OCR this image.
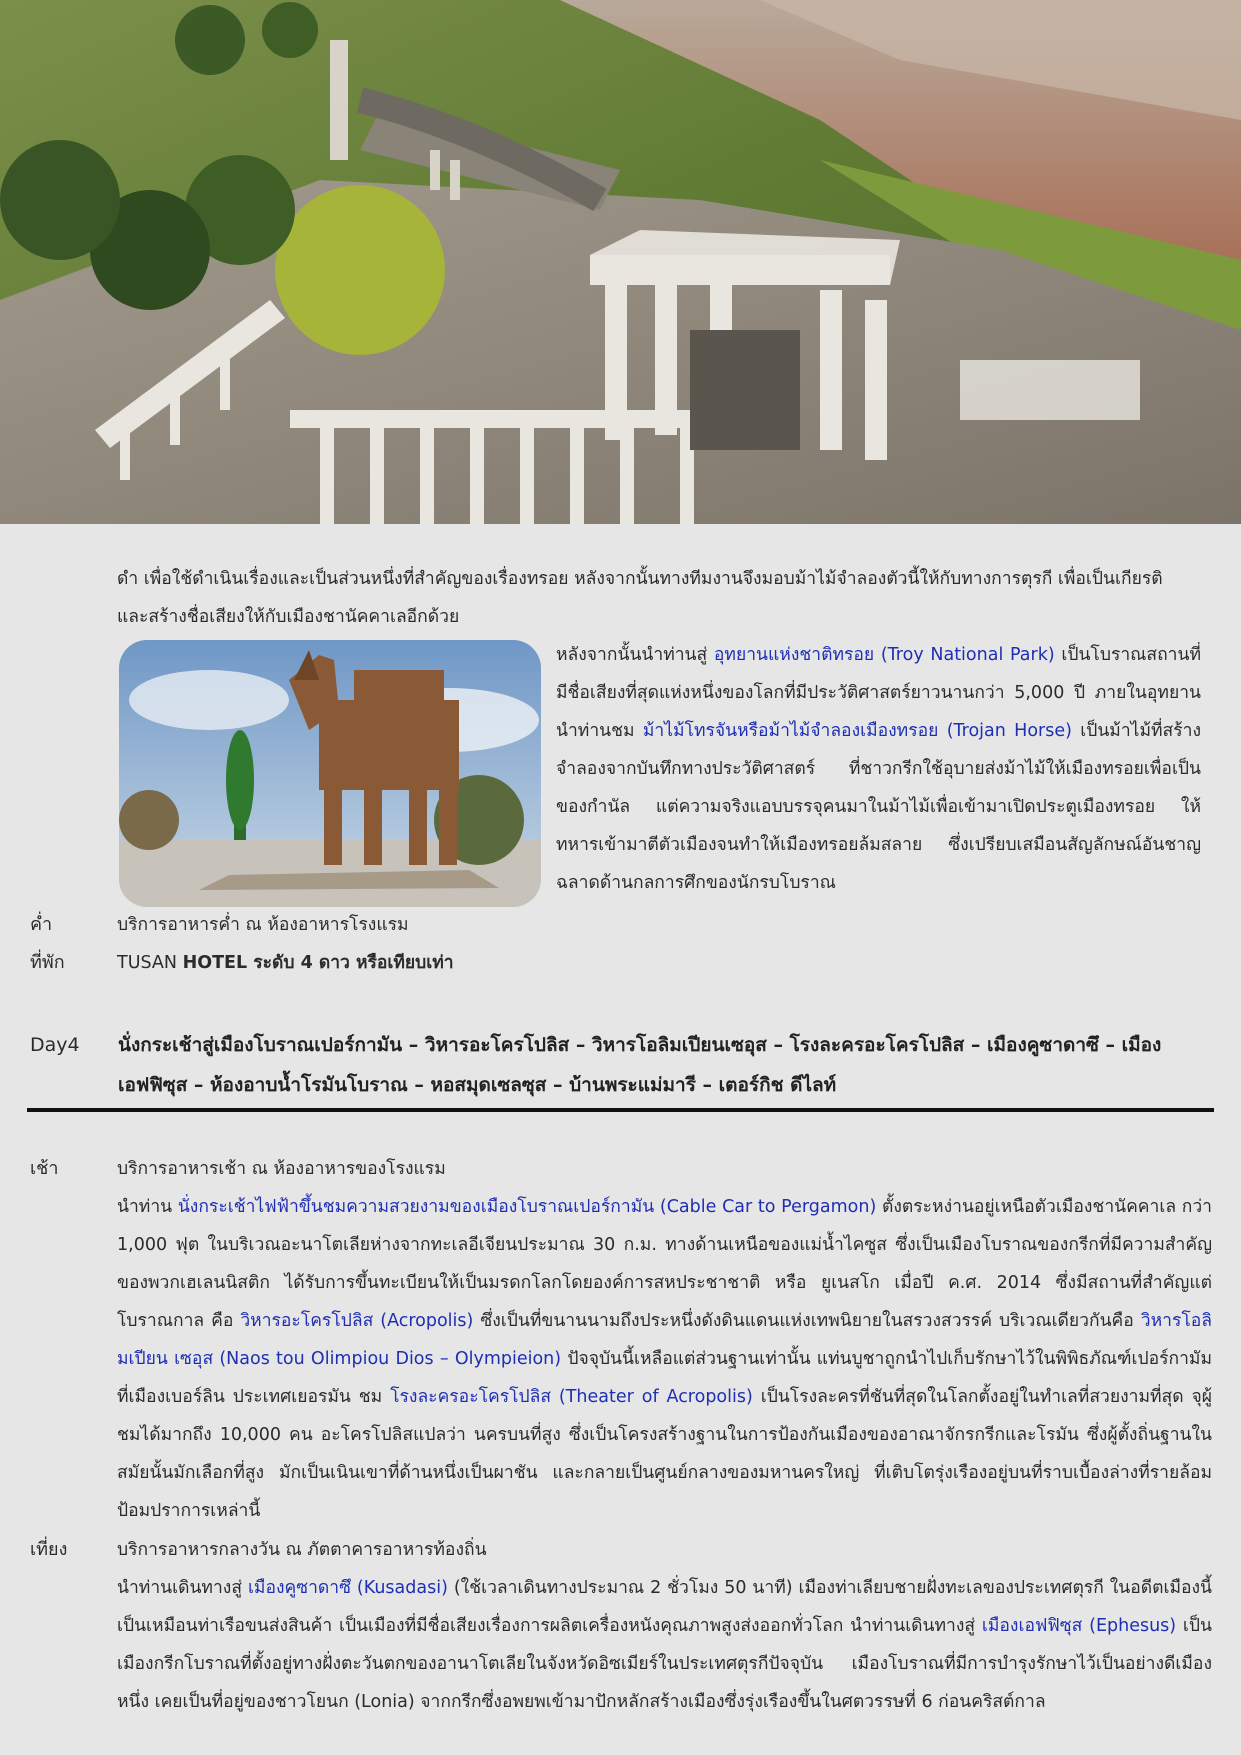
ดำ เพื่อใช้ดำเนินเรื่องและเป็นส่วนหนึ่งที่สำคัญของเรื่องทรอย หลังจากนั้นทางทีมงานจึงมอบม้าไม้จำลองตัวนี้ให้กับทางการตุรกี เพื่อเป็นเกียรติ
และสร้างชื่อเสียงให้กับเมืองชานัคคาเลอีกด้วย
หลังจากนั้นนำท่านสู่ อุทยานแห่งชาติทรอย (Troy National Park) เป็นโบราณสถานที่มีชื่อเสียงที่สุดแห่งหนึ่งของโลกที่มีประวัติศาสตร์ยาวนานกว่า 5,000 ปี ภายในอุทยานนำท่านชม ม้าไม้โทรจันหรือม้าไม้จำลองเมืองทรอย (Trojan Horse) เป็นม้าไม้ที่สร้างจำลองจากบันทึกทางประวัติศาสตร์ ที่ชาวกรีกใช้อุบายส่งม้าไม้ให้เมืองทรอยเพื่อเป็นของกำนัล แต่ความจริงแอบบรรจุคนมาในม้าไม้เพื่อเข้ามาเปิดประตูเมืองทรอย ให้ทหารเข้ามาตีตัวเมืองจนทำให้เมืองทรอยล้มสลาย ซึ่งเปรียบเสมือนสัญลักษณ์อันชาญฉลาดด้านกลการศึกของนักรบโบราณ
ค่ำ	บริการอาหารค่ำ ณ ห้องอาหารโรงแรม
ที่พัก	TUSAN HOTEL ระดับ 4 ดาว หรือเทียบเท่า
Day4 นั่งกระเช้าสู่เมืองโบราณเปอร์กามัน – วิหารอะโครโปลิส – วิหารโอลิมเปียนเซอุส – โรงละครอะโครโปลิส – เมืองคูซาดาซึ – เมืองเอฟฟิซุส – ห้องอาบน้ำโรมันโบราณ – หอสมุดเซลซุส – บ้านพระแม่มารี – เตอร์กิช ดีไลท์
เช้า	บริการอาหารเช้า ณ ห้องอาหารของโรงแรม
นำท่าน นั่งกระเช้าไฟฟ้าขึ้นชมความสวยงามของเมืองโบราณเปอร์กามัน (Cable Car to Pergamon) ตั้งตระหง่านอยู่เหนือตัวเมืองชานัคคาเล กว่า 1,000 ฟุต ในบริเวณอะนาโตเลียห่างจากทะเลอีเจียนประมาณ 30 ก.ม. ทางด้านเหนือของแม่น้ำไคซูส ซึ่งเป็นเมืองโบราณของกรีกที่มีความสำคัญของพวกเฮเลนนิสติก ได้รับการขึ้นทะเบียนให้เป็นมรดกโลกโดยองค์การสหประชาชาติ หรือ ยูเนสโก เมื่อปี ค.ศ. 2014 ซึ่งมีสถานที่สำคัญแต่โบราณกาล คือ วิหารอะโครโปลิส (Acropolis) ซึ่งเป็นที่ขนานนามถึงประหนึ่งดังดินแดนแห่งเทพนิยายในสรวงสวรรค์ บริเวณเดียวกันคือ วิหารโอลิมเปียน เซอุส (Naos tou Olimpiou Dios – Olympieion) ปัจจุบันนี้เหลือแต่ส่วนฐานเท่านั้น แท่นบูชาถูกนำไปเก็บรักษาไว้ในพิพิธภัณฑ์เปอร์กามัมที่เมืองเบอร์ลิน ประเทศเยอรมัน ชม โรงละครอะโครโปลิส (Theater of Acropolis) เป็นโรงละครที่ชันที่สุดในโลกตั้งอยู่ในทำเลที่สวยงามที่สุด จุผู้ชมได้มากถึง 10,000 คน อะโครโปลิสแปลว่า นครบนที่สูง ซึ่งเป็นโครงสร้างฐานในการป้องกันเมืองของอาณาจักรกรีกและโรมัน ซึ่งผู้ตั้งถิ่นฐานในสมัยนั้นมักเลือกที่สูง มักเป็นเนินเขาที่ด้านหนึ่งเป็นผาชัน และกลายเป็นศูนย์กลางของมหานครใหญ่ ที่เติบโตรุ่งเรืองอยู่บนที่ราบเบื้องล่างที่รายล้อมป้อมปราการเหล่านี้
เที่ยง	บริการอาหารกลางวัน ณ ภัตตาคารอาหารท้องถิ่น
นำท่านเดินทางสู่ เมืองคูซาดาซึ (Kusadasi) (ใช้เวลาเดินทางประมาณ 2 ชั่วโมง 50 นาที) เมืองท่าเลียบชายฝั่งทะเลของประเทศตุรกี ในอดีตเมืองนี้เป็นเหมือนท่าเรือขนส่งสินค้า เป็นเมืองที่มีชื่อเสียงเรื่องการผลิตเครื่องหนังคุณภาพสูงส่งออกทั่วโลก นำท่านเดินทางสู่ เมืองเอฟฟิซุส (Ephesus) เป็นเมืองกรีกโบราณที่ตั้งอยู่ทางฝั่งตะวันตกของอานาโตเลียในจังหวัดอิซเมียร์ในประเทศตุรกีปัจจุบัน เมืองโบราณที่มีการบำรุงรักษาไว้เป็นอย่างดีเมืองหนึ่ง เคยเป็นที่อยู่ของชาวโยนก (Lonia) จากกรีกซึ่งอพยพเข้ามาปักหลักสร้างเมืองซึ่งรุ่งเรืองขึ้นในศตวรรษที่ 6 ก่อนคริสต์กาล
